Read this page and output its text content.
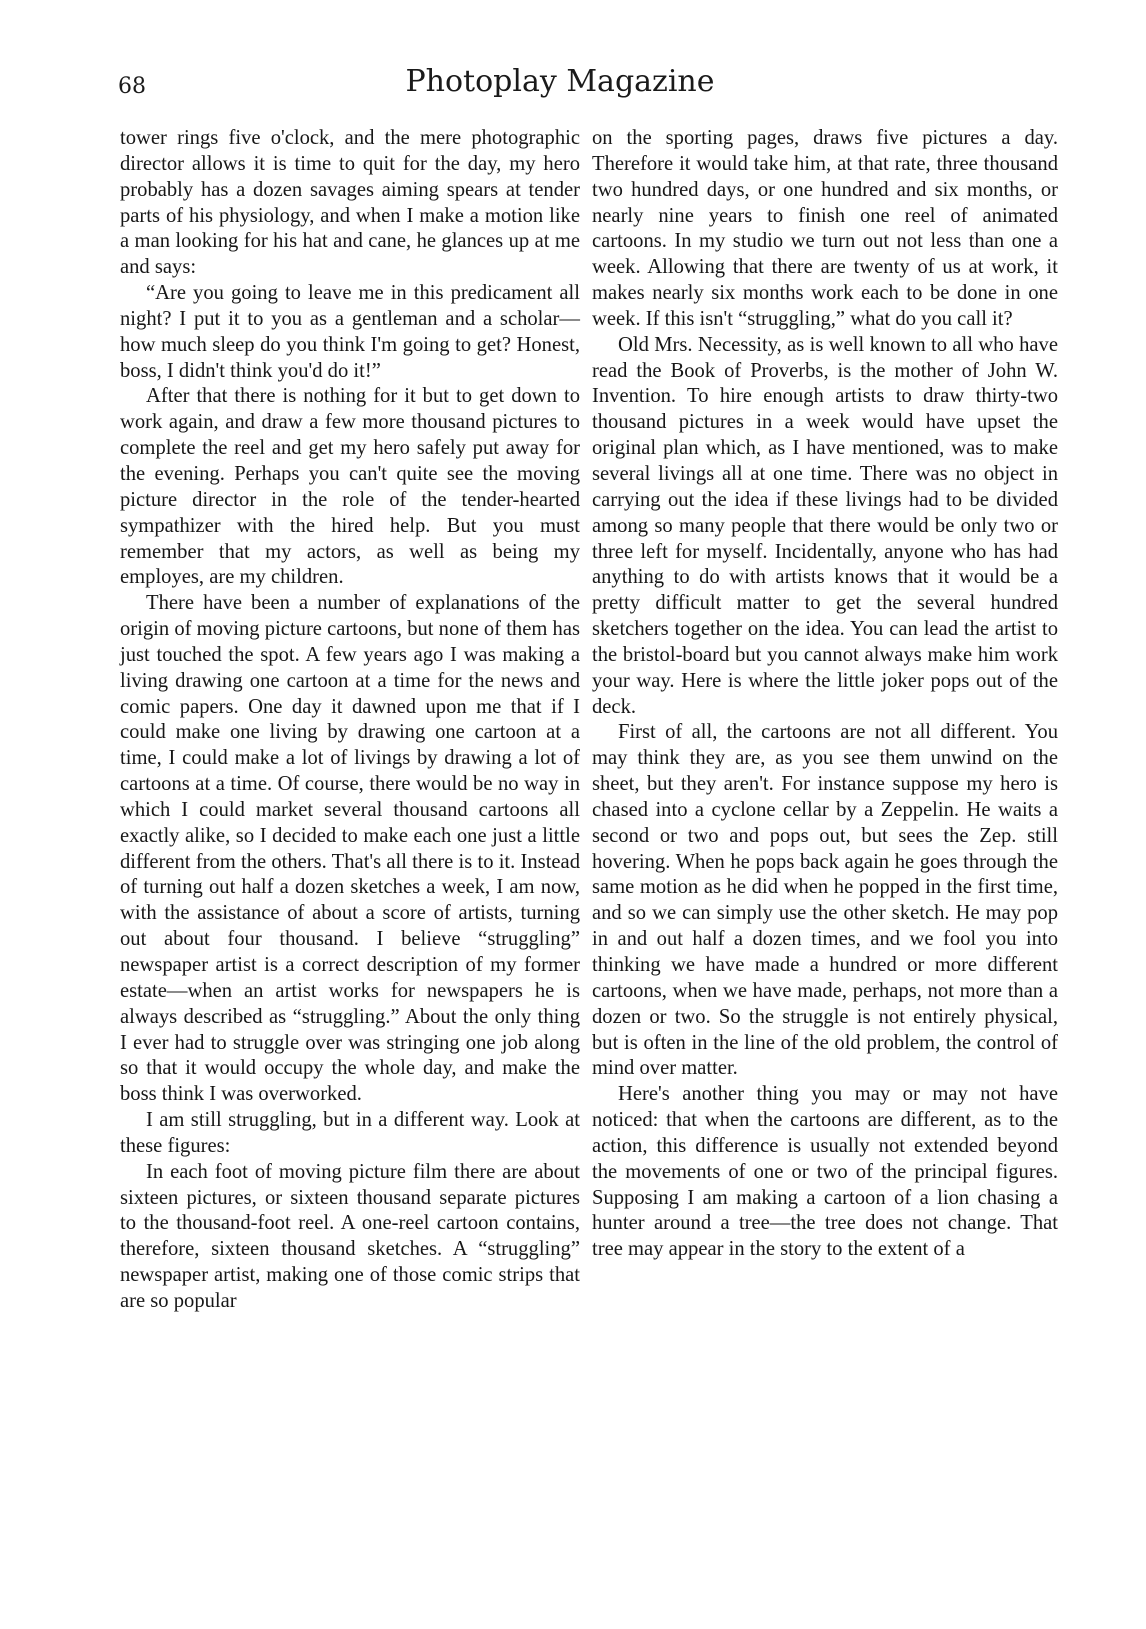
68	Photoplay Magazine

tower rings five o'clock, and the mere photographic director allows it is time to quit for the day, my hero probably has a dozen savages aiming spears at tender parts of his physiology, and when I make a motion like a man looking for his hat and cane, he glances up at me and says:

“Are you going to leave me in this predicament all night? I put it to you as a gentleman and a scholar—how much sleep do you think I'm going to get? Honest, boss, I didn't think you'd do it!”

After that there is nothing for it but to get down to work again, and draw a few more thousand pictures to complete the reel and get my hero safely put away for the evening. Perhaps you can't quite see the moving picture director in the role of the tender-hearted sympathizer with the hired help. But you must remember that my actors, as well as being my employes, are my children.

There have been a number of explanations of the origin of moving picture cartoons, but none of them has just touched the spot. A few years ago I was making a living drawing one cartoon at a time for the news and comic papers. One day it dawned upon me that if I could make one living by drawing one cartoon at a time, I could make a lot of livings by drawing a lot of cartoons at a time. Of course, there would be no way in which I could market several thousand cartoons all exactly alike, so I decided to make each one just a little different from the others. That's all there is to it. Instead of turning out half a dozen sketches a week, I am now, with the assistance of about a score of artists, turning out about four thousand. I believe “struggling” newspaper artist is a correct description of my former estate—when an artist works for newspapers he is always described as “struggling.” About the only thing I ever had to struggle over was stringing one job along so that it would occupy the whole day, and make the boss think I was overworked.

I am still struggling, but in a different way. Look at these figures:

In each foot of moving picture film there are about sixteen pictures, or sixteen thousand separate pictures to the thousand-foot reel. A one-reel cartoon contains, therefore, sixteen thousand sketches. A “struggling” newspaper artist, making one of those comic strips that are so popular

on the sporting pages, draws five pictures a day. Therefore it would take him, at that rate, three thousand two hundred days, or one hundred and six months, or nearly nine years to finish one reel of animated cartoons. In my studio we turn out not less than one a week. Allowing that there are twenty of us at work, it makes nearly six months work each to be done in one week. If this isn't “struggling,” what do you call it?

Old Mrs. Necessity, as is well known to all who have read the Book of Proverbs, is the mother of John W. Invention. To hire enough artists to draw thirty-two thousand pictures in a week would have upset the original plan which, as I have mentioned, was to make several livings all at one time. There was no object in carrying out the idea if these livings had to be divided among so many people that there would be only two or three left for myself. Incidentally, anyone who has had anything to do with artists knows that it would be a pretty difficult matter to get the several hundred sketchers together on the idea. You can lead the artist to the bristol-board but you cannot always make him work your way. Here is where the little joker pops out of the deck.

First of all, the cartoons are not all different. You may think they are, as you see them unwind on the sheet, but they aren't. For instance suppose my hero is chased into a cyclone cellar by a Zeppelin. He waits a second or two and pops out, but sees the Zep. still hovering. When he pops back again he goes through the same motion as he did when he popped in the first time, and so we can simply use the other sketch. He may pop in and out half a dozen times, and we fool you into thinking we have made a hundred or more different cartoons, when we have made, perhaps, not more than a dozen or two. So the struggle is not entirely physical, but is often in the line of the old problem, the control of mind over matter.

Here's another thing you may or may not have noticed: that when the cartoons are different, as to the action, this difference is usually not extended beyond the movements of one or two of the principal figures. Supposing I am making a cartoon of a lion chasing a hunter around a tree—the tree does not change. That tree may appear in the story to the extent of a
